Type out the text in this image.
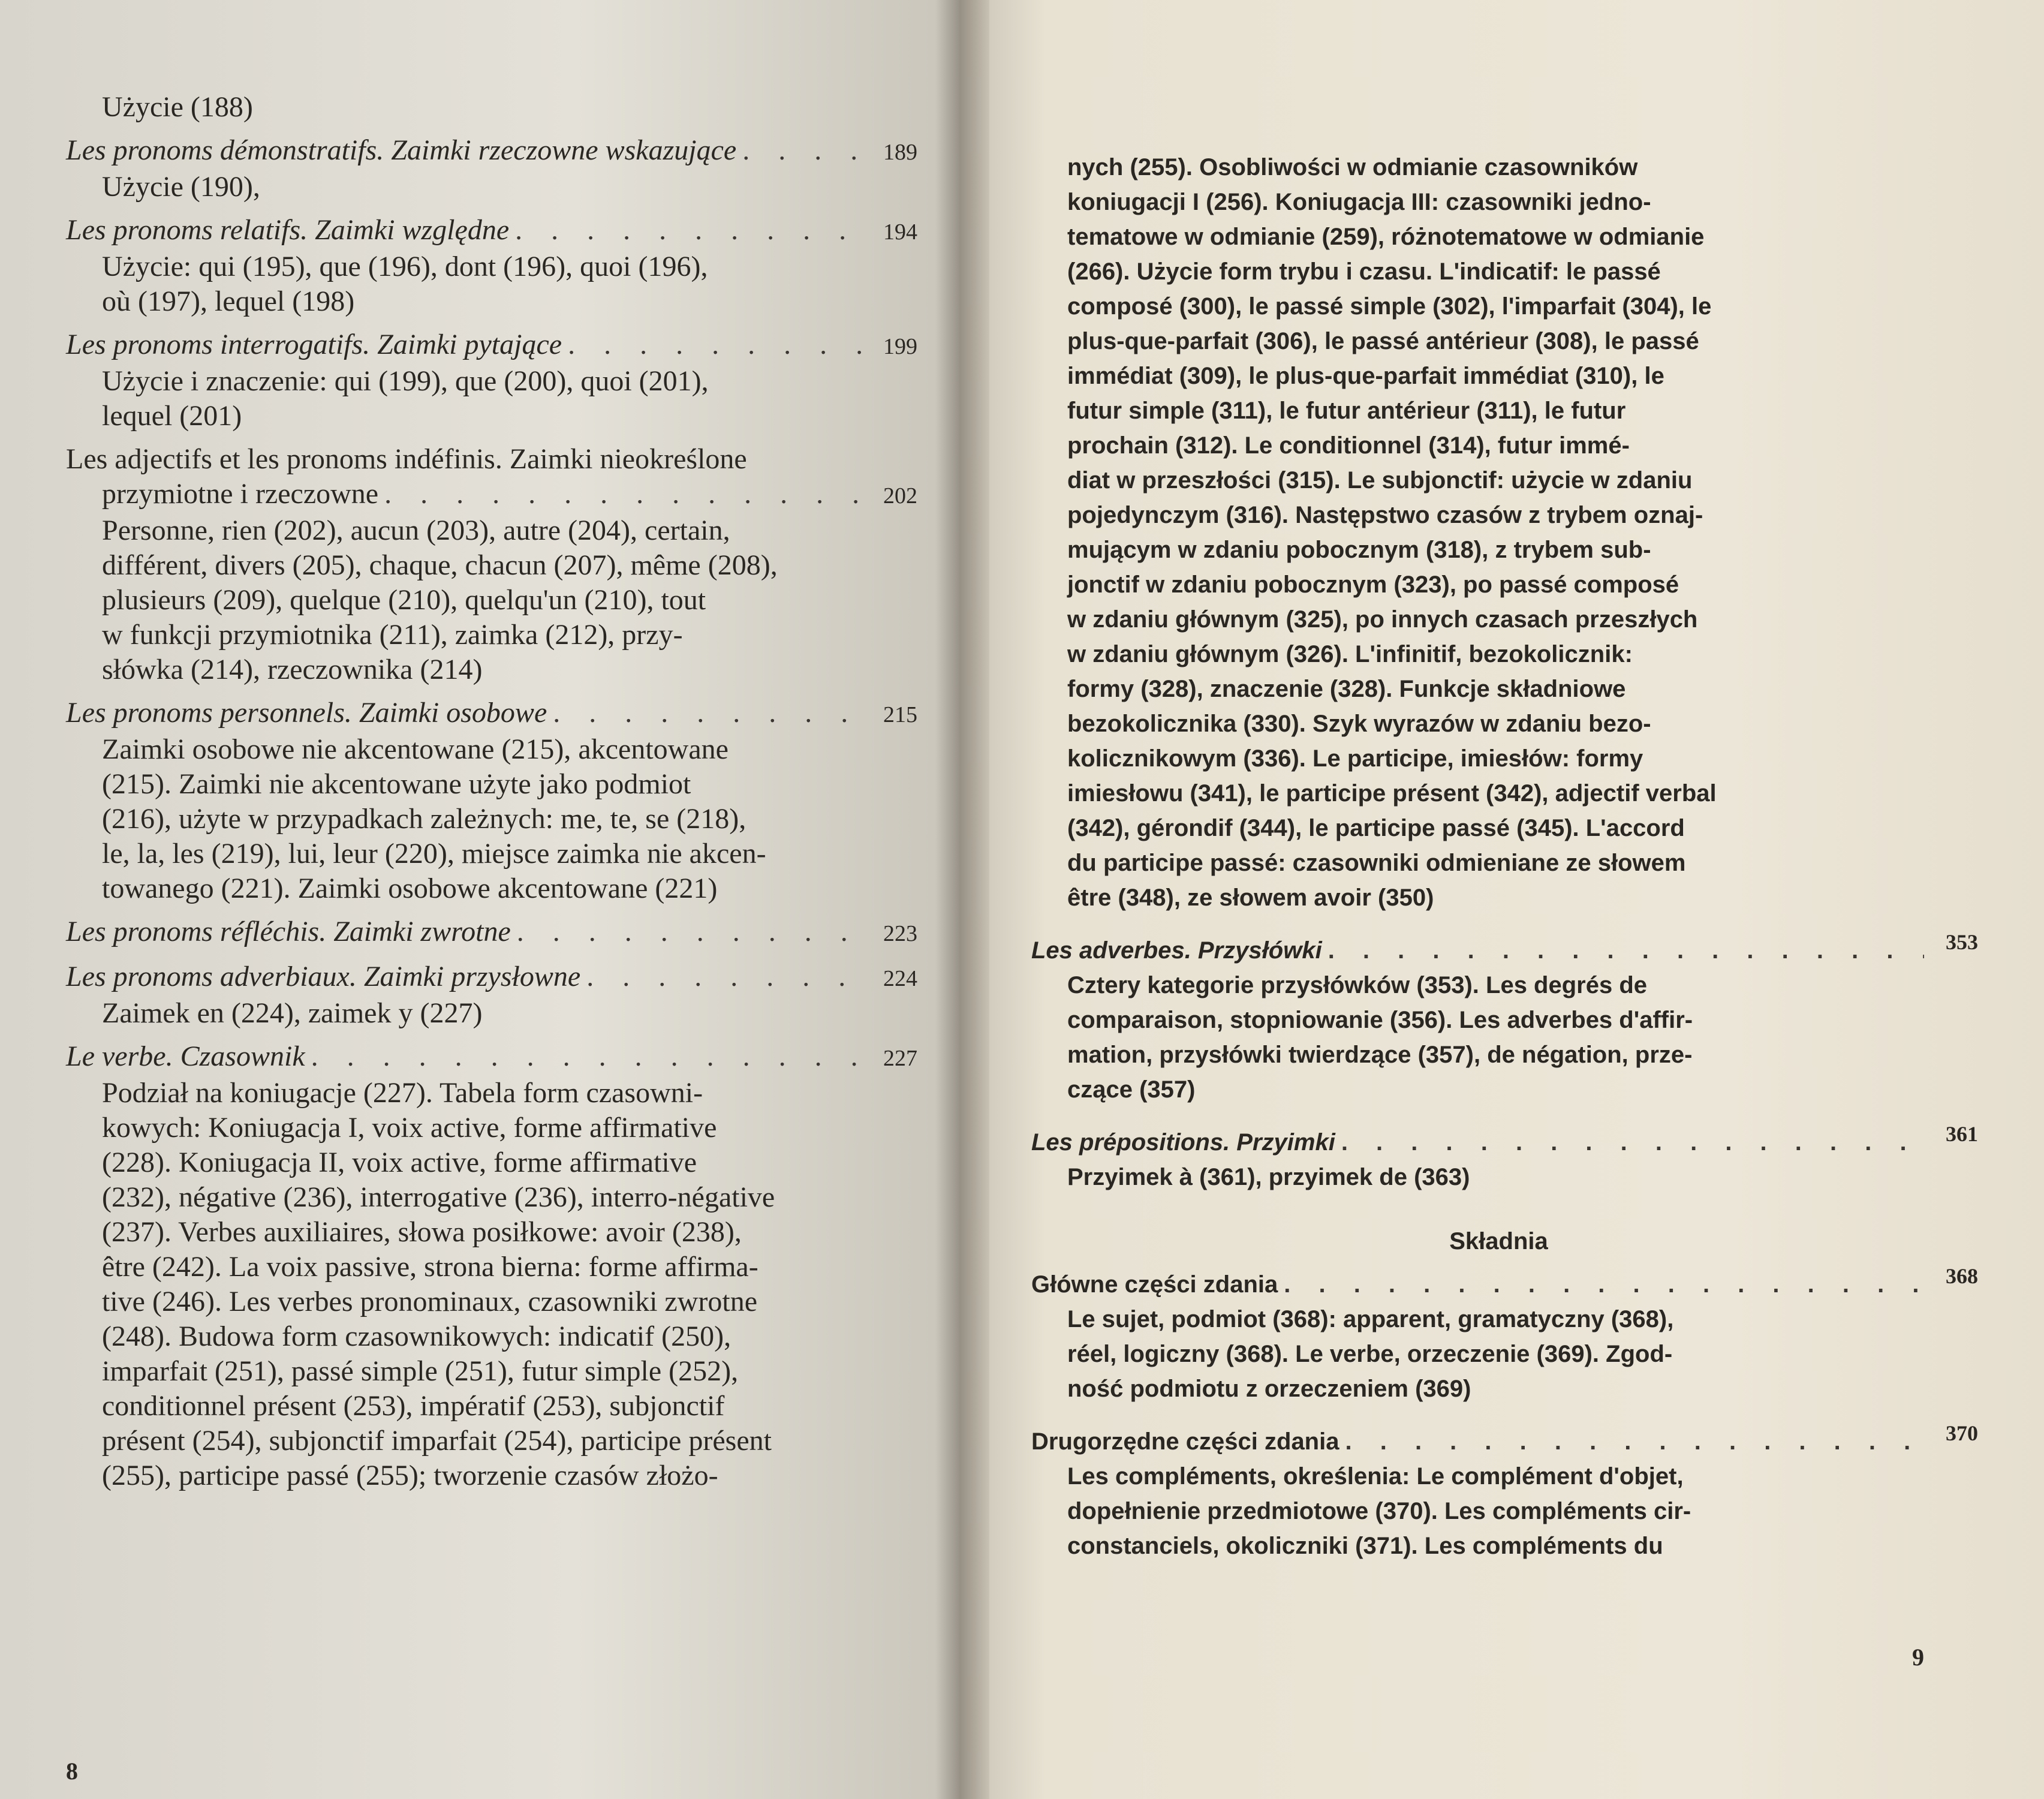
Użycie (188)
Les pronoms démonstratifs. Zaimki rzeczowne wskazujące . . .	189
Użycie (190),
Les pronoms relatifs. Zaimki względne . . .	194
Użycie: qui (195), que (196), dont (196), quoi (196),
où (197), lequel (198)
Les pronoms interrogatifs. Zaimki pytające . . .	199
Użycie i znaczenie: qui (199), que (200), quoi (201),
lequel (201)
Les adjectifs et les pronoms indéfinis. Zaimki nieokreślone
przymiotne i rzeczowne . . .	202
Personne, rien (202), aucun (203), autre (204), certain,
différent, divers (205), chaque, chacun (207), même (208),
plusieurs (209), quelque (210), quelqu'un (210), tout
w funkcji przymiotnika (211), zaimka (212), przy-
słówka (214), rzeczownika (214)
Les pronoms personnels. Zaimki osobowe . . .	215
Zaimki osobowe nie akcentowane (215), akcentowane
(215). Zaimki nie akcentowane użyte jako podmiot
(216), użyte w przypadkach zależnych: me, te, se (218),
le, la, les (219), lui, leur (220), miejsce zaimka nie akcen-
towanego (221). Zaimki osobowe akcentowane (221)
Les pronoms réfléchis. Zaimki zwrotne . . .	223
Les pronoms adverbiaux. Zaimki przysłowne . . .	224
Zaimek en (224), zaimek y (227)
Le verbe. Czasownik . . .	227
Podział na koniugacje (227). Tabela form czasowni-
kowych: Koniugacja I, voix active, forme affirmative
(228). Koniugacja II, voix active, forme affirmative
(232), négative (236), interrogative (236), interro-négative
(237). Verbes auxiliaires, słowa posiłkowe: avoir (238),
être (242). La voix passive, strona bierna: forme affirma-
tive (246). Les verbes pronominaux, czasowniki zwrotne
(248). Budowa form czasownikowych: indicatif (250),
imparfait (251), passé simple (251), futur simple (252),
conditionnel présent (253), impératif (253), subjonctif
présent (254), subjonctif imparfait (254), participe présent
(255), participe passé (255); tworzenie czasów złożo-
8
nych (255). Osobliwości w odmianie czasowników
koniugacji I (256). Koniugacja III: czasowniki jedno-
tematowe w odmianie (259), różnotematowe w odmianie
(266). Użycie form trybu i czasu. L'indicatif: le passé
composé (300), le passé simple (302), l'imparfait (304), le
plus-que-parfait (306), le passé antérieur (308), le passé
immédiat (309), le plus-que-parfait immédiat (310), le
futur simple (311), le futur antérieur (311), le futur
prochain (312). Le conditionnel (314), futur immé-
diat w przeszłości (315). Le subjonctif: użycie w zdaniu
pojedynczym (316). Następstwo czasów z trybem oznaj-
mującym w zdaniu pobocznym (318), z trybem sub-
jonctif w zdaniu pobocznym (323), po passé composé
w zdaniu głównym (325), po innych czasach przeszłych
w zdaniu głównym (326). L'infinitif, bezokolicznik:
formy (328), znaczenie (328). Funkcje składniowe
bezokolicznika (330). Szyk wyrazów w zdaniu bezo-
kolicznikowym (336). Le participe, imiesłów: formy
imiesłowu (341), le participe présent (342), adjectif verbal
(342), gérondif (344), le participe passé (345). L'accord
du participe passé: czasowniki odmieniane ze słowem
être (348), ze słowem avoir (350)
Les adverbes. Przysłówki . . .	353
Cztery kategorie przysłówków (353). Les degrés de
comparaison, stopniowanie (356). Les adverbes d'affir-
mation, przysłówki twierdzące (357), de négation, prze-
czące (357)
Les prépositions. Przyimki . . .	361
Przyimek à (361), przyimek de (363)
Składnia
Główne części zdania . . .	368
Le sujet, podmiot (368): apparent, gramatyczny (368),
réel, logiczny (368). Le verbe, orzeczenie (369). Zgod-
ność podmiotu z orzeczeniem (369)
Drugorzędne części zdania . . .	370
Les compléments, określenia: Le complément d'objet,
dopełnienie przedmiotowe (370). Les compléments cir-
constanciels, okoliczniki (371). Les compléments du
9
